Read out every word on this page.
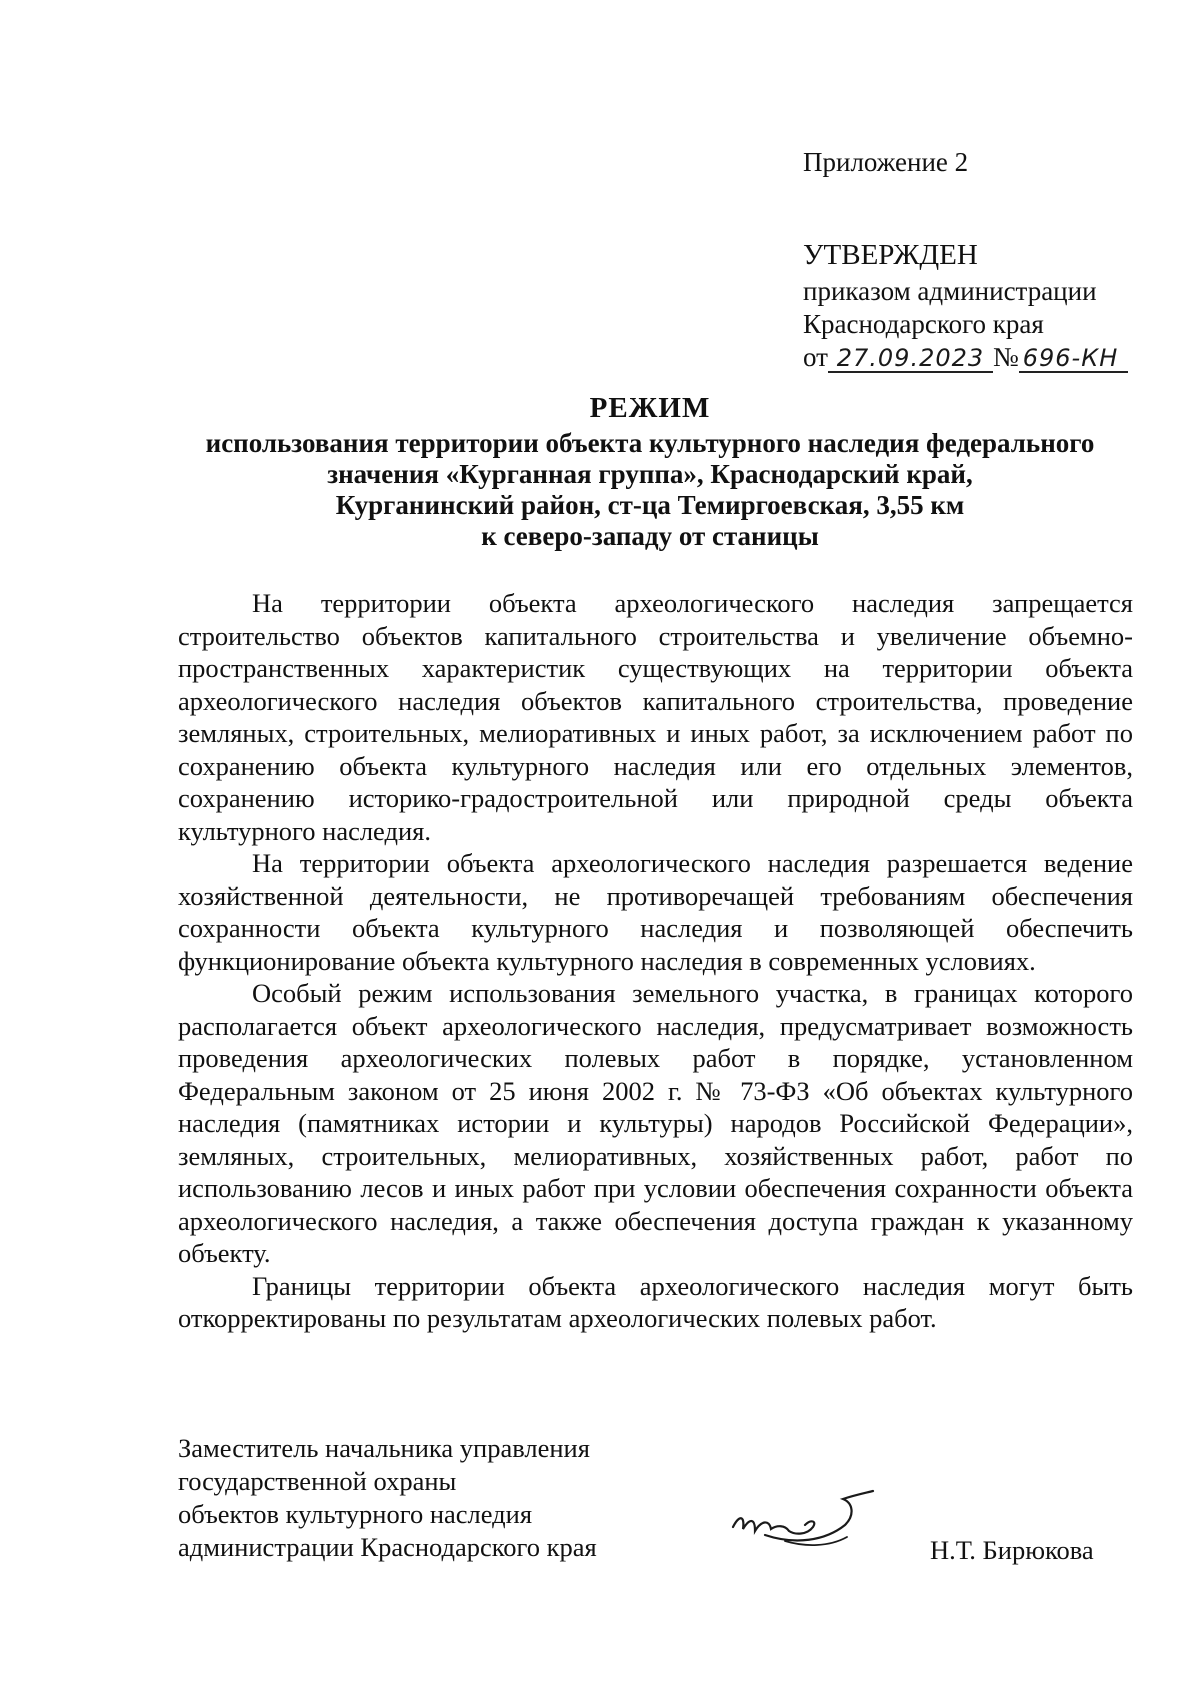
Приложение 2
УТВЕРЖДЕН
приказом администрации
Краснодарского края
от 27.09.2023 № 696-КН
РЕЖИМ
использования территории объекта культурного наследия федерального
значения «Курганная группа», Краснодарский край,
Курганинский район, ст-ца Темиргоевская, 3,55 км
к северо-западу от станицы

На территории объекта археологического наследия запрещается строительство объектов капитального строительства и увеличение объемно-пространственных характеристик существующих на территории объекта археологического наследия объектов капитального строительства, проведение земляных, строительных, мелиоративных и иных работ, за исключением работ по сохранению объекта культурного наследия или его отдельных элементов, сохранению историко-градостроительной или природной среды объекта культурного наследия.

На территории объекта археологического наследия разрешается ведение хозяйственной деятельности, не противоречащей требованиям обеспечения сохранности объекта культурного наследия и позволяющей обеспечить функционирование объекта культурного наследия в современных условиях.

Особый режим использования земельного участка, в границах которого располагается объект археологического наследия, предусматривает возможность проведения археологических полевых работ в порядке, установленном Федеральным законом от 25 июня 2002 г. № 73-ФЗ «Об объектах культурного наследия (памятниках истории и культуры) народов Российской Федерации», земляных, строительных, мелиоративных, хозяйственных работ, работ по использованию лесов и иных работ при условии обеспечения сохранности объекта археологического наследия, а также обеспечения доступа граждан к указанному объекту.

Границы территории объекта археологического наследия могут быть откорректированы по результатам археологических полевых работ.

Заместитель начальника управления
государственной охраны
объектов культурного наследия
администрации Краснодарского края	Н.Т. Бирюкова
